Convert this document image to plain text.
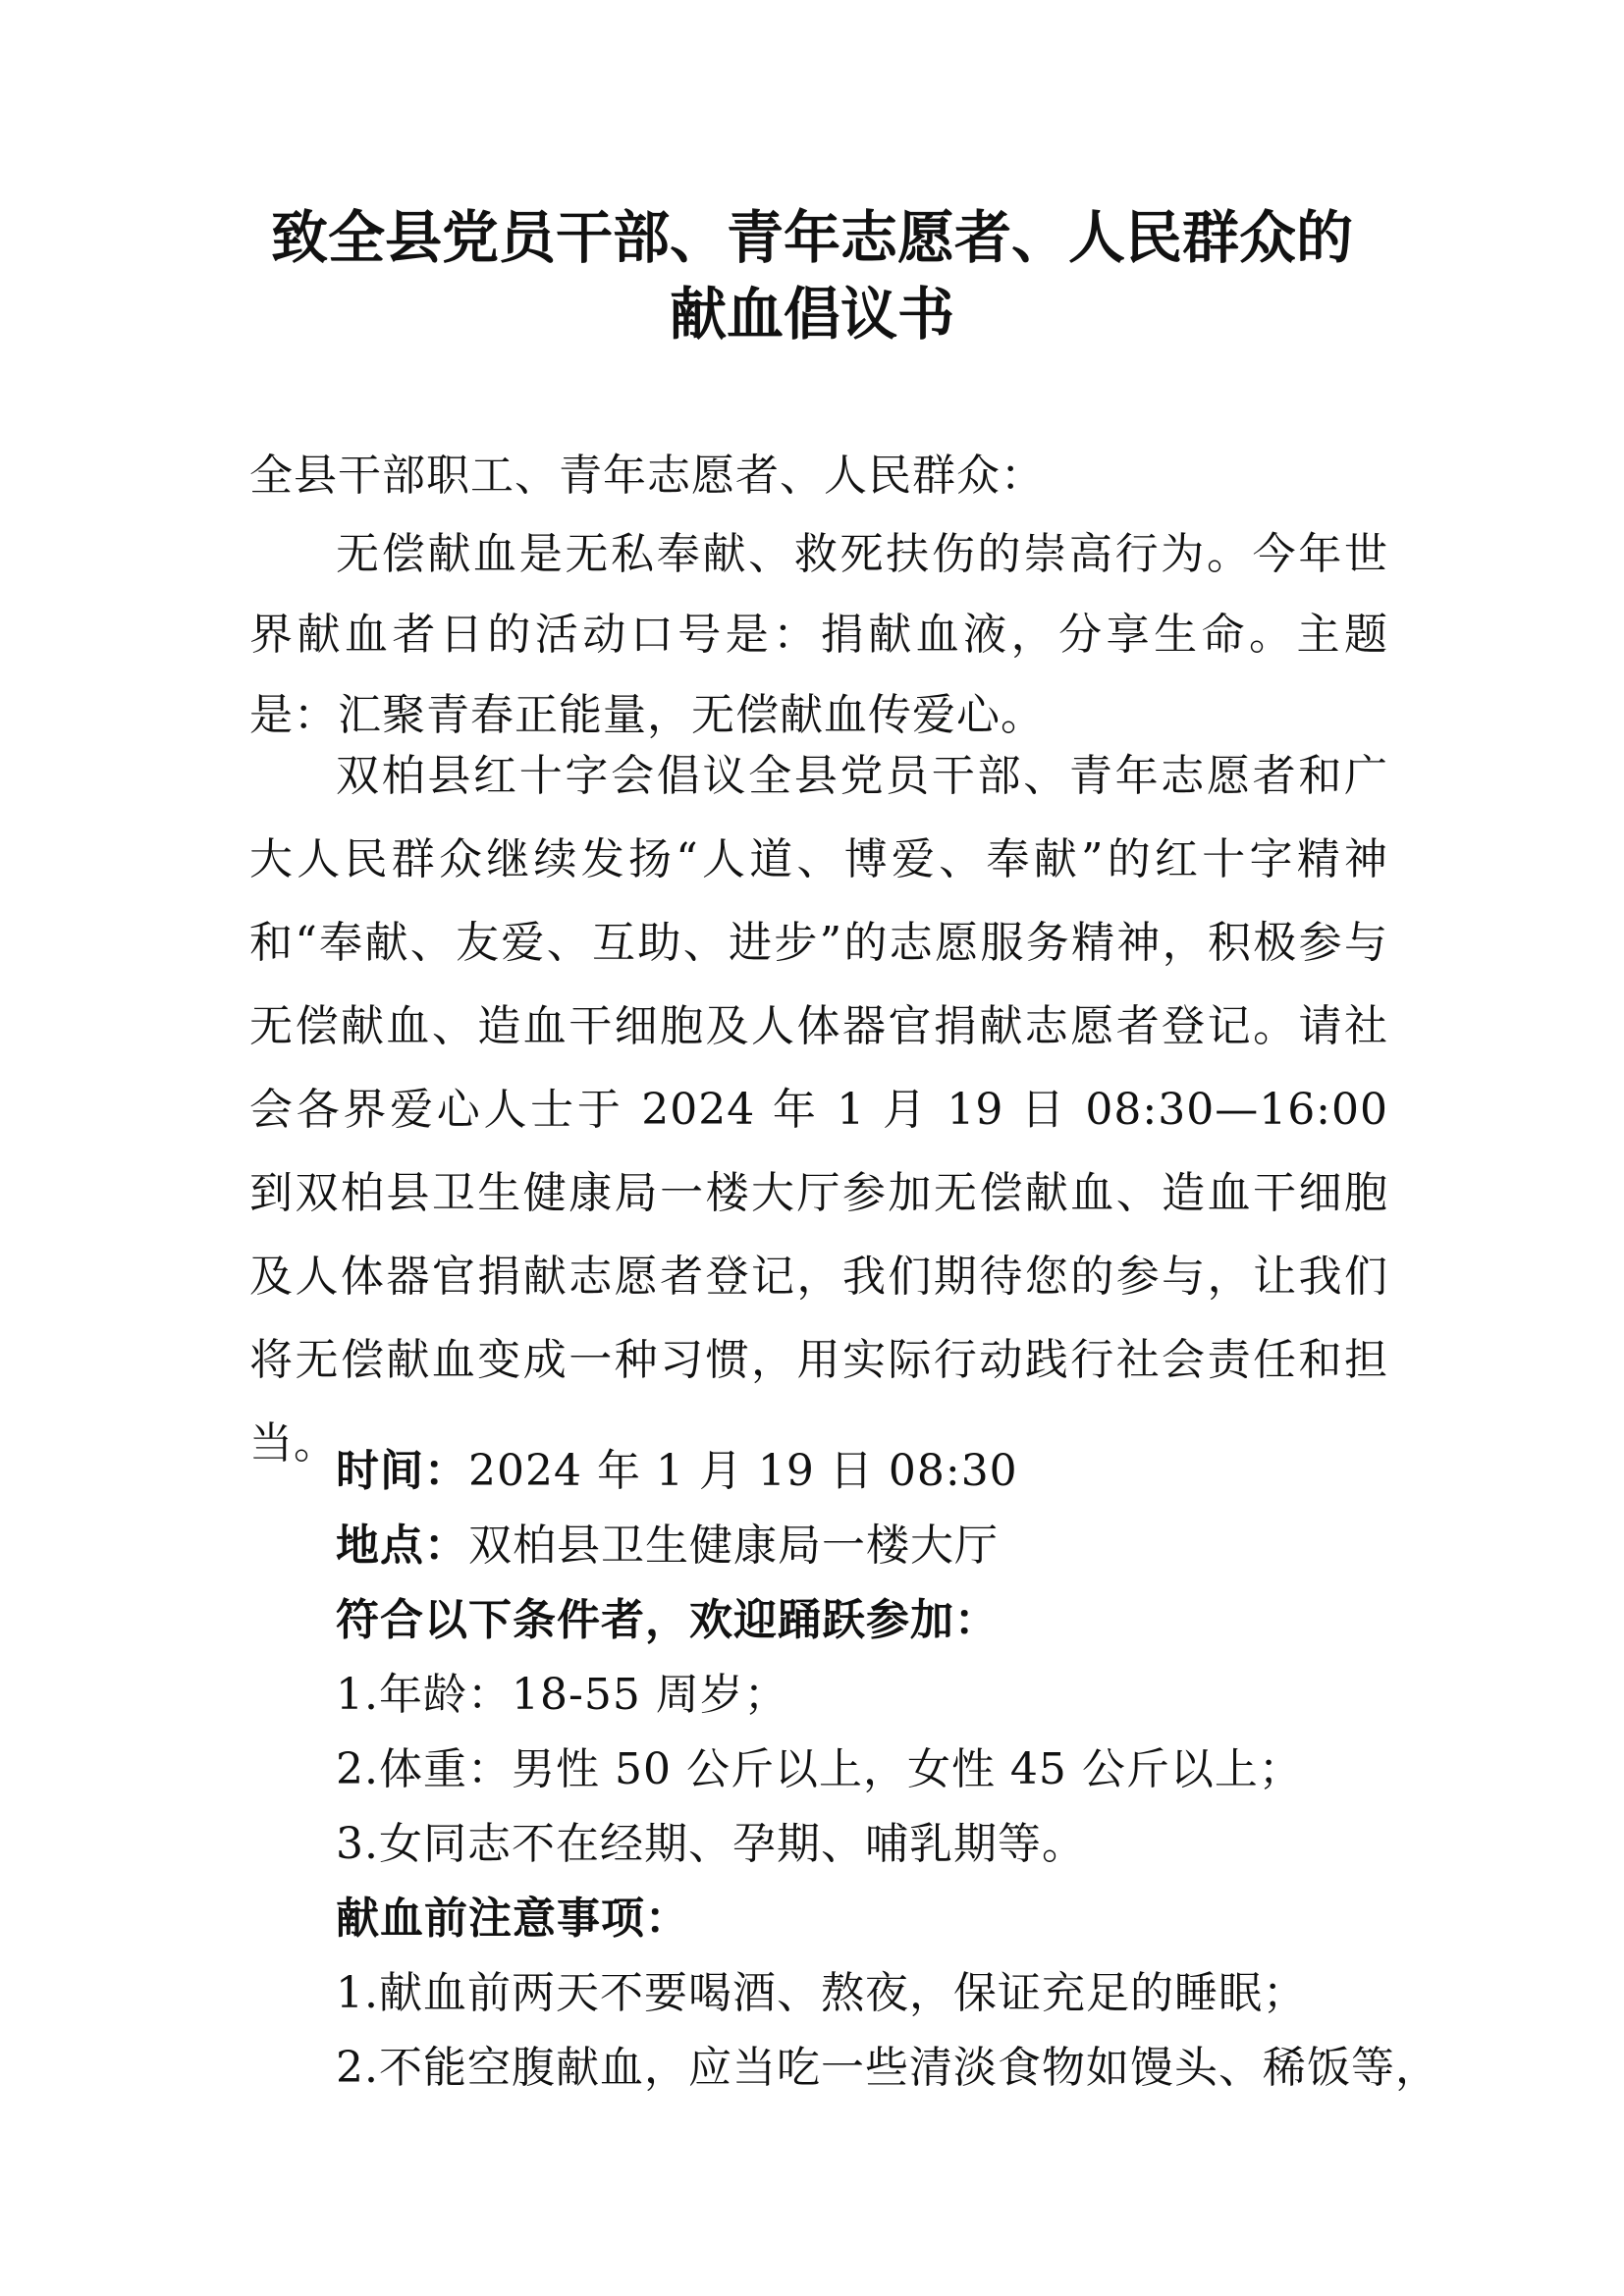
致全县党员干部、青年志愿者、人民群众的
献血倡议书
全县干部职工、青年志愿者、人民群众：

无偿献血是无私奉献、救死扶伤的崇高行为。今年世界献血者日的活动口号是：捐献血液，分享生命。主题是：汇聚青春正能量，无偿献血传爱心。

双柏县红十字会倡议全县党员干部、青年志愿者和广大人民群众继续发扬“人道、博爱、奉献”的红十字精神和“奉献、友爱、互助、进步”的志愿服务精神，积极参与无偿献血、造血干细胞及人体器官捐献志愿者登记。请社会各界爱心人士于 2024 年 1 月 19 日 08:30—16:00 到双柏县卫生健康局一楼大厅参加无偿献血、造血干细胞及人体器官捐献志愿者登记，我们期待您的参与，让我们将无偿献血变成一种习惯，用实际行动践行社会责任和担当。

时间：2024 年 1 月 19 日 08:30
地点：双柏县卫生健康局一楼大厅
符合以下条件者，欢迎踊跃参加：
1.年龄：18-55 周岁；
2.体重：男性 50 公斤以上，女性 45 公斤以上；
3.女同志不在经期、孕期、哺乳期等。
献血前注意事项：
1.献血前两天不要喝酒、熬夜，保证充足的睡眠；
2.不能空腹献血，应当吃一些清淡食物如馒头、稀饭等，
